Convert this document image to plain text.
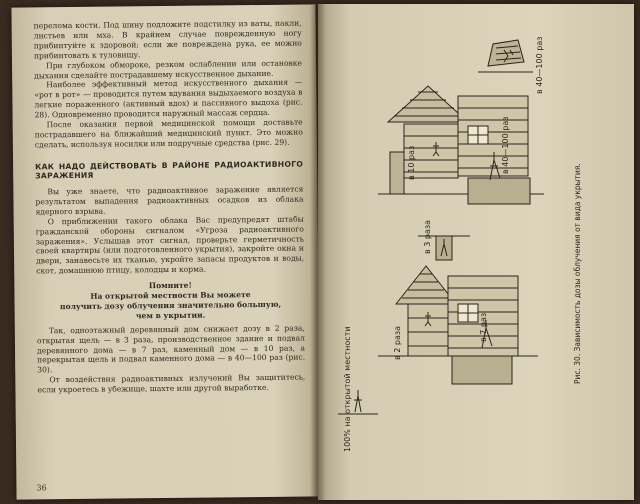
перелома кости. Под шину подложите подстилку из ваты, пакли, листьев или мха. В крайнем случае поврежденную ногу прибинтуйте к здоровой; если же повреждена рука, ее можно прибинтовать к туловищу.

При глубоком обмороке, резком ослаблении или остановке дыхания сделайте пострадавшему искусственное дыхание.

Наиболее эффективный метод искусственного дыхания — «рот в рот» — проводится путем вдувания выдыхаемого воздуха в легкие пораженного (активный вдох) и пассивного выдоха (рис. 28). Одновременно проводится наружный массаж сердца.

После оказания первой медицинской помощи доставьте пострадавшего на ближайший медицинский пункт. Это можно сделать, используя носилки или подручные средства (рис. 29).

КАК НАДО ДЕЙСТВОВАТЬ В РАЙОНЕ РАДИОАКТИВНОГО ЗАРАЖЕНИЯ

Вы уже знаете, что радиоактивное заражение является результатом выпадения радиоактивных осадков из облака ядерного взрыва.

О приближении такого облака Вас предупредят штабы гражданской обороны сигналом «Угроза радиоактивного заражения». Услышав этот сигнал, проверьте герметичность своей квартиры (или подготовленного укрытия), закройте окна и двери, занавесьте их тканью, укройте запасы продуктов и воды, скот, домашнюю птицу, колодцы и корма.

Помните!
На открытой местности Вы можете
получить дозу облучения значительно большую,
чем в укрытии.

Так, одноэтажный деревянный дом снижает дозу в 2 раза, открытая щель — в 3 раза, производственное здание и подвал деревянного дома — в 7 раз, каменный дом — в 10 раз, а перекрытая щель и подвал каменного дома — в 40—100 раз (рис. 30).

От воздействия радиоактивных излучений Вы защититесь, если укроетесь в убежище, шахте или другой выработке.

36
в 40—100 раз
в 10 раз	в 40—100 раз
в 3 раза
в 2 раза	в 7 раз
100% на открытой местности
Рис. 30. Зависимость дозы облучения от вида укрытия.
